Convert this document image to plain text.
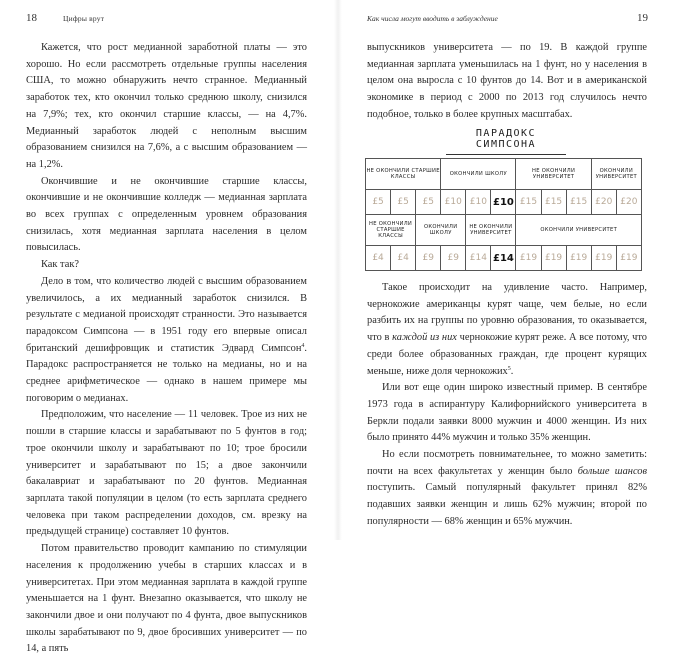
18	Цифры врут

Кажется, что рост медианной заработной платы — это хорошо. Но если рассмотреть отдельные группы населения США, то можно обнаружить нечто странное. Медианный заработок тех, кто окончил только среднюю школу, снизился на 7,9%; тех, кто окончил старшие классы, — на 4,7%. Медианный заработок людей с неполным высшим образованием снизился на 7,6%, а с высшим образованием — на 1,2%.

Окончившие и не окончившие старшие классы, окончившие и не окончившие колледж — медианная зарплата во всех группах с определенным уровнем образования снизилась, хотя медианная зарплата населения в целом повысилась.

Как так?

Дело в том, что количество людей с высшим образованием увеличилось, а их медианный заработок снизился. В результате с медианой происходят странности. Это называется парадоксом Симпсона — в 1951 году его впервые описал британский дешифровщик и статистик Эдвард Симпсон$^4$. Парадокс распространяется не только на медианы, но и на среднее арифметическое — однако в нашем примере мы поговорим о медианах.

Предположим, что население — 11 человек. Трое из них не пошли в старшие классы и зарабатывают по 5 фунтов в год; трое окончили школу и зарабатывают по 10; трое бросили университет и зарабатывают по 15; а двое закончили бакалавриат и зарабатывают по 20 фунтов. Медианная зарплата такой популяции в целом (то есть зарплата среднего человека при таком распределении доходов, см. врезку на предыдущей странице) составляет 10 фунтов.

Потом правительство проводит кампанию по стимуляции населения к продолжению учебы в старших классах и в университетах. При этом медианная зарплата в каждой группе уменьшается на 1 фунт. Внезапно оказывается, что школу не закончили двое и они получают по 4 фунта, двое выпускников школы зарабатывают по 9, двое бросивших университет — по 14, а пять

Как числа могут вводить в заблуждение	19

выпускников университета — по 19. В каждой группе медианная зарплата уменьшилась на 1 фунт, но у населения в целом она выросла с 10 фунтов до 14. Вот и в американской экономике в период с 2000 по 2013 год случилось нечто подобное, только в более крупных масштабах.

ПАРАДОКС СИМПСОНА
НЕ ОКОНЧИЛИ СТАРШИЕ КЛАССЫ			ОКОНЧИЛИ ШКОЛУ			НЕ ОКОНЧИЛИ УНИВЕРСИТЕТ			ОКОНЧИЛИ УНИВЕРСИТЕТ	
£5	£5	£5	£10	£10	£10	£15	£15	£15	£20	£20
НЕ ОКОНЧИЛИ СТАРШИЕ КЛАССЫ		ОКОНЧИЛИ ШКОЛУ		НЕ ОКОНЧИЛИ УНИВЕРСИТЕТ		ОКОНЧИЛИ УНИВЕРСИТЕТ				
£4	£4	£9	£9	£14	£14	£19	£19	£19	£19	£19

Такое происходит на удивление часто. Например, чернокожие американцы курят чаще, чем белые, но если разбить их на группы по уровню образования, то оказывается, что в каждой из них чернокожие курят реже. А все потому, что среди более образованных граждан, где процент курящих меньше, ниже доля чернокожих$^5$.

Или вот еще один широко известный пример. В сентябре 1973 года в аспирантуру Калифорнийского университета в Беркли подали заявки 8000 мужчин и 4000 женщин. Из них было принято 44% мужчин и только 35% женщин.

Но если посмотреть повнимательнее, то можно заметить: почти на всех факультетах у женщин было больше шансов поступить. Самый популярный факультет принял 82% подавших заявки женщин и лишь 62% мужчин; второй по популярности — 68% женщин и 65% мужчин.
